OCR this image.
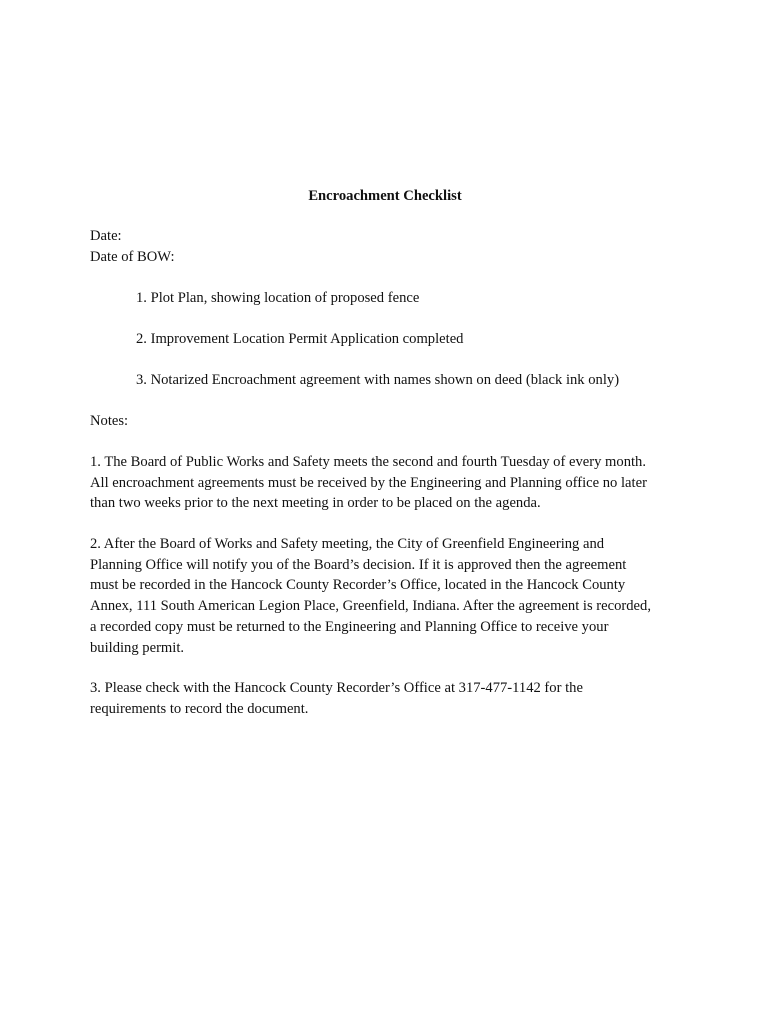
Encroachment Checklist
Date:
Date of BOW:
1. Plot Plan, showing location of proposed fence
2. Improvement Location Permit Application completed
3. Notarized Encroachment agreement with names shown on deed (black ink only)
Notes:
1. The Board of Public Works and Safety meets the second and fourth Tuesday of every month.
All encroachment agreements must be received by the Engineering and Planning office no later
than two weeks prior to the next meeting in order to be placed on the agenda.
2. After the Board of Works and Safety meeting, the City of Greenfield Engineering and
Planning Office will notify you of the Board’s decision. If it is approved then the agreement
must be recorded in the Hancock County Recorder’s Office, located in the Hancock County
Annex, 111 South American Legion Place, Greenfield, Indiana. After the agreement is recorded,
a recorded copy must be returned to the Engineering and Planning Office to receive your
building permit.
3. Please check with the Hancock County Recorder’s Office at 317-477-1142 for the
requirements to record the document.
